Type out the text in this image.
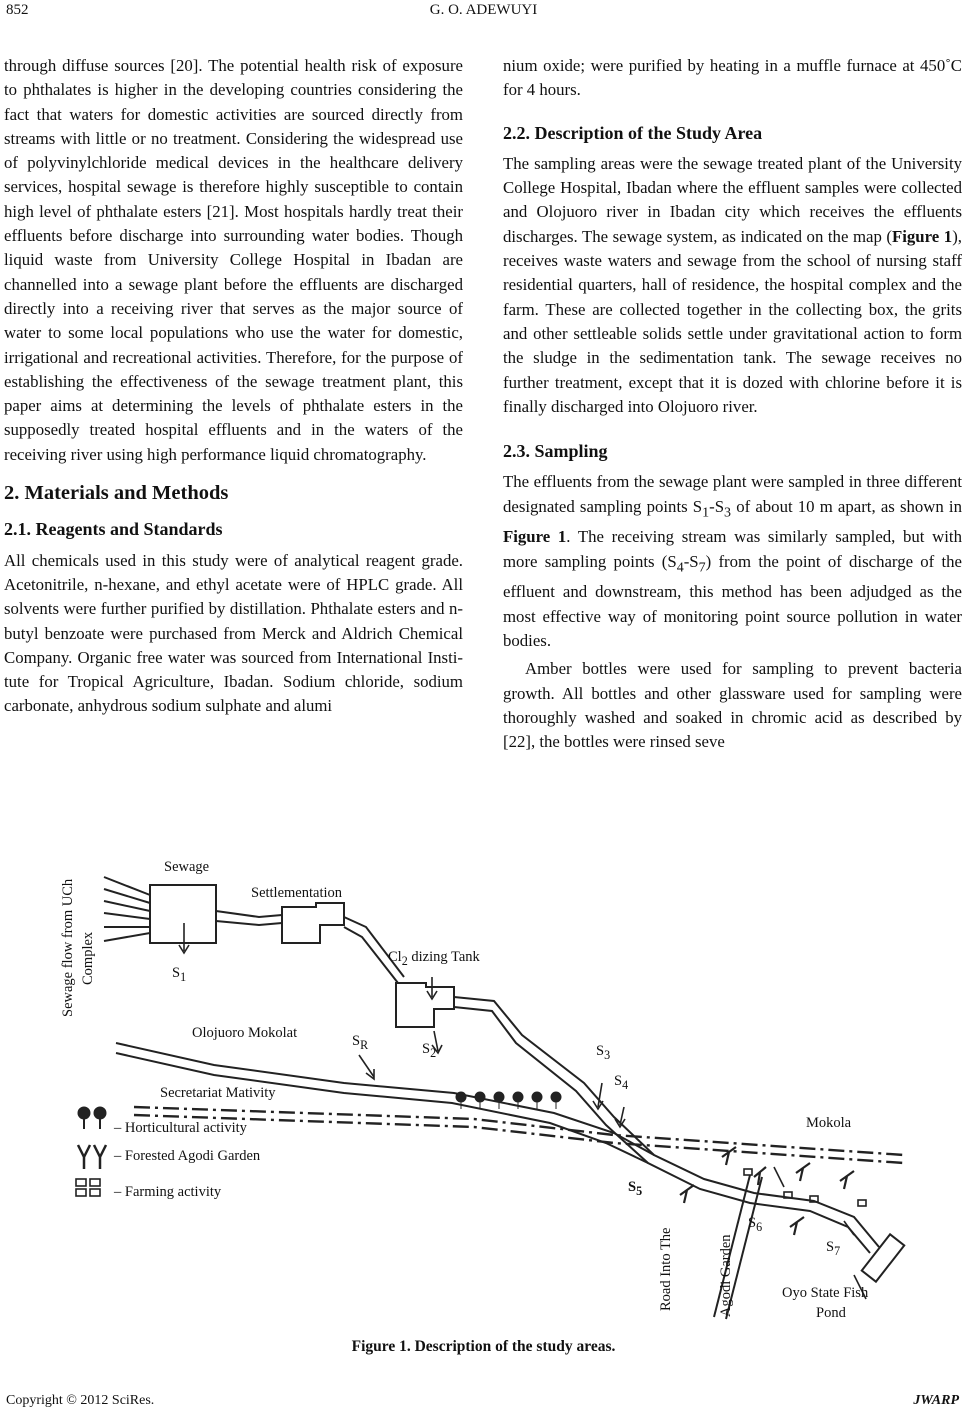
852	G. O. ADEWUYI

through diffuse sources [20]. The potential health risk of exposure to phthalates is higher in the developing countries considering the fact that waters for domestic activities are sourced directly from streams with little or no treatment. Considering the widespread use of polyvinylchloride medical devices in the healthcare delivery services, hospital sewage is therefore highly susceptible to contain high level of phthalate esters [21]. Most hospitals hardly treat their effluents before discharge into surrounding water bodies. Though liquid waste from University College Hospital in Ibadan are channelled into a sewage plant before the effluents are discharged directly into a receiving river that serves as the major source of water to some local populations who use the water for domestic, irrigational and recreational activities. Therefore, for the purpose of establishing the effectiveness of the sewage treatment plant, this paper aims at determining the levels of phthalate esters in the supposedly treated hospital effluents and in the waters of the receiving river using high performance liquid chromatography.

2. Materials and Methods
2.1. Reagents and Standards

All chemicals used in this study were of analytical reagent grade. Acetonitrile, n-hexane, and ethyl acetate were of HPLC grade. All solvents were further purified by distillation. Phthalate esters and n-butyl benzoate were purchased from Merck and Aldrich Chemical Company. Organic free water was sourced from International Institute for Tropical Agriculture, Ibadan. Sodium chloride, sodium carbonate, anhydrous sodium sulphate and alumi

nium oxide; were purified by heating in a muffle furnace at 450˚C for 4 hours.

2.2. Description of the Study Area

The sampling areas were the sewage treated plant of the University College Hospital, Ibadan where the effluent samples were collected and Olojuoro river in Ibadan city which receives the effluents discharges. The sewage system, as indicated on the map (Figure 1), receives waste waters and sewage from the school of nursing staff residential quarters, hall of residence, the hospital complex and the farm. These are collected together in the collecting box, the grits and other settleable solids settle under gravitational action to form the sludge in the sedimentation tank. The sewage receives no further treatment, except that it is dozed with chlorine before it is finally discharged into Olojuoro river.

2.3. Sampling

The effluents from the sewage plant were sampled in three different designated sampling points $S_1-S_3$ of about 10 m apart, as shown in Figure 1. The receiving stream was similarly sampled, but with more sampling points $(S_4-S_7)$ from the point of discharge of the effluent and downstream, this method has been adjudged as the most effective way of monitoring point source pollution in water bodies.

Amber bottles were used for sampling to prevent bacteria growth. All bottles and other glassware used for sampling were thoroughly washed and soaked in chromic acid as described by [22], the bottles were rinsed seve

Sewage flow from UCh Complex
Sewage
Settlementation
$Cl_2$ dizing Tank
$S_1$
$S_2$	$S_3$
$S_4$
$S_5$
$S_6$
$S_7$
$S_R$
Olojuoro Mokolat
Secretariat Mativity
Mokola
– Horticultural activity
– Forested Agodi Garden
– Farming activity
Road Into The	Agodi Garden	Oyo State Fish
Pond
Figure 1. Description of the study areas.
Copyright © 2012 SciRes.	JWARP
